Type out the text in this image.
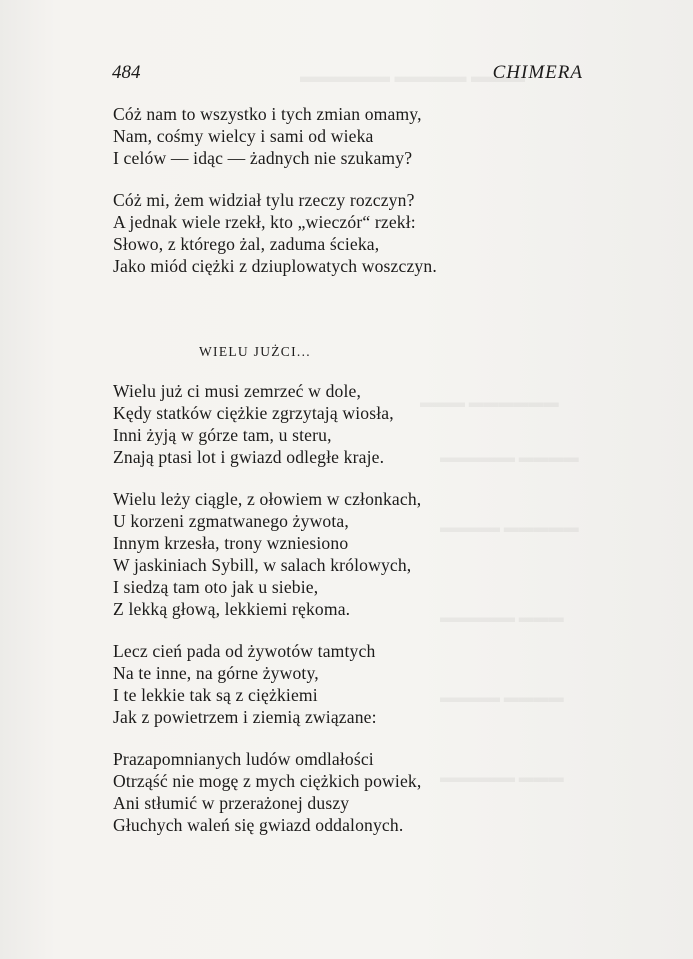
▬▬▬ ▬▬▬▬ ▬▬▬▬▬
▬▬▬▬▬▬ ▬▬▬
▬▬▬▬ ▬▬▬▬▬
▬▬▬▬▬ ▬▬▬▬
▬▬▬ ▬▬▬▬▬
▬▬▬▬ ▬▬▬▬
▬▬▬ ▬▬▬▬▬
484	CHIMERA
Cóż nam to wszystko i tych zmian omamy,
Nam, cośmy wielcy i sami od wieka
I celów — idąc — żadnych nie szukamy?
Cóż mi, żem widział tylu rzeczy rozczyn?
A jednak wiele rzekł, kto „wieczór“ rzekł:
Słowo, z którego żal, zaduma ścieka,
Jako miód ciężki z dziuplowatych woszczyn.
WIELU JUŻCI...
Wielu już ci musi zemrzeć w dole,
Kędy statków ciężkie zgrzytają wiosła,
Inni żyją w górze tam, u steru,
Znają ptasi lot i gwiazd odległe kraje.
Wielu leży ciągle, z ołowiem w członkach,
U korzeni zgmatwanego żywota,
Innym krzesła, trony wzniesiono
W jaskiniach Sybill, w salach królowych,
I siedzą tam oto jak u siebie,
Z lekką głową, lekkiemi rękoma.
Lecz cień pada od żywotów tamtych
Na te inne, na górne żywoty,
I te lekkie tak są z ciężkiemi
Jak z powietrzem i ziemią związane:
Prazapomnianych ludów omdlałości
Otrząść nie mogę z mych ciężkich powiek,
Ani stłumić w przerażonej duszy
Głuchych waleń się gwiazd oddalonych.
